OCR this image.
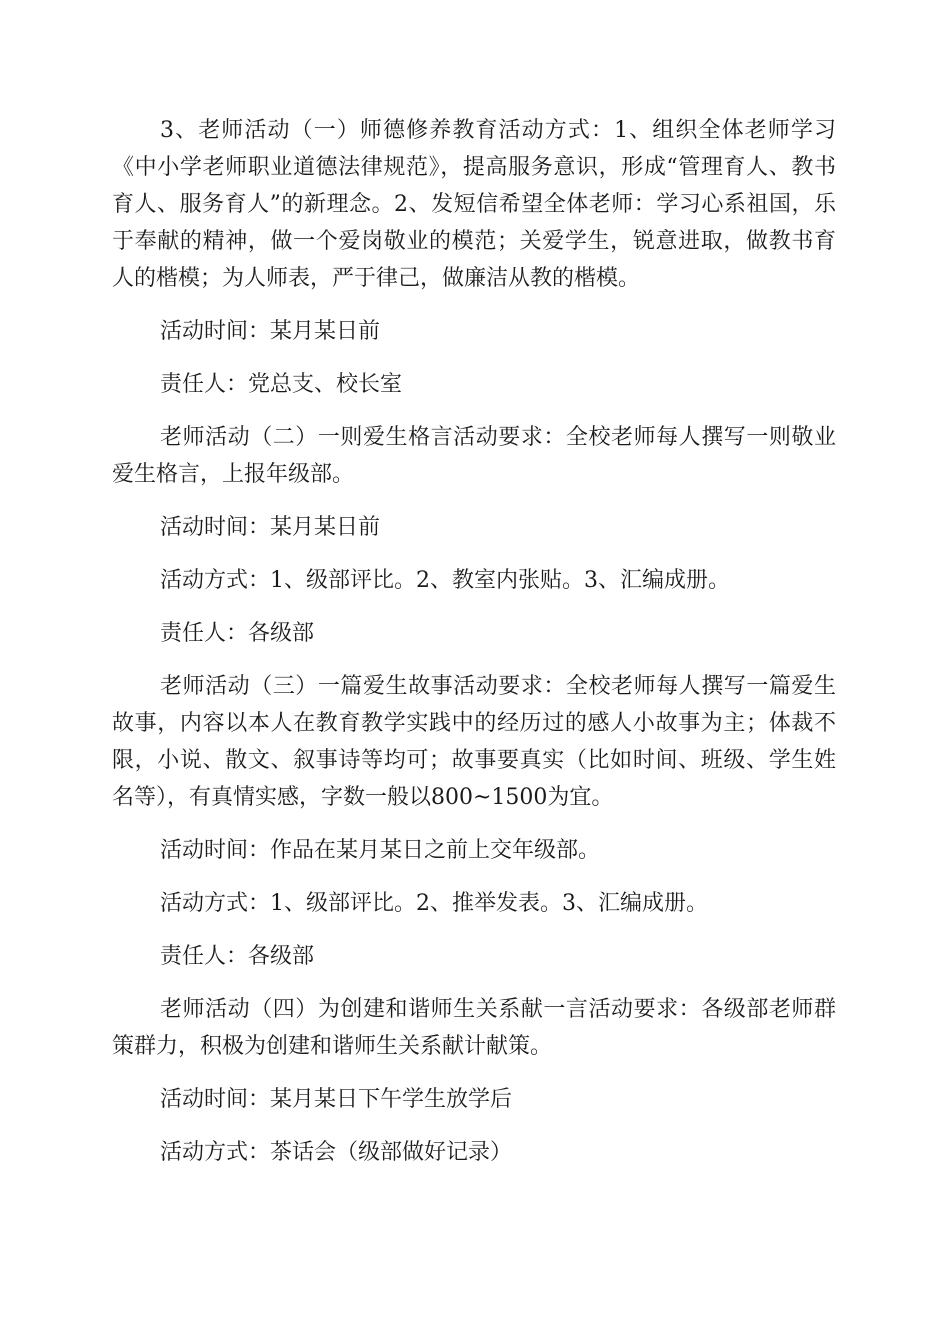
3、老师活动（一）师德修养教育活动方式：1、组织全体老师学习《中小学老师职业道德法律规范》，提高服务意识，形成“管理育人、教书育人、服务育人”的新理念。2、发短信希望全体老师：学习心系祖国，乐于奉献的精神，做一个爱岗敬业的模范；关爱学生，锐意进取，做教书育人的楷模；为人师表，严于律己，做廉洁从教的楷模。

活动时间：某月某日前

责任人：党总支、校长室

老师活动（二）一则爱生格言活动要求：全校老师每人撰写一则敬业爱生格言，上报年级部。

活动时间：某月某日前

活动方式：1、级部评比。2、教室内张贴。3、汇编成册。

责任人：各级部

老师活动（三）一篇爱生故事活动要求：全校老师每人撰写一篇爱生故事，内容以本人在教育教学实践中的经历过的感人小故事为主；体裁不限，小说、散文、叙事诗等均可；故事要真实（比如时间、班级、学生姓名等），有真情实感，字数一般以800~1500为宜。

活动时间：作品在某月某日之前上交年级部。

活动方式：1、级部评比。2、推举发表。3、汇编成册。

责任人：各级部

老师活动（四）为创建和谐师生关系献一言活动要求：各级部老师群策群力，积极为创建和谐师生关系献计献策。

活动时间：某月某日下午学生放学后

活动方式：茶话会（级部做好记录）
